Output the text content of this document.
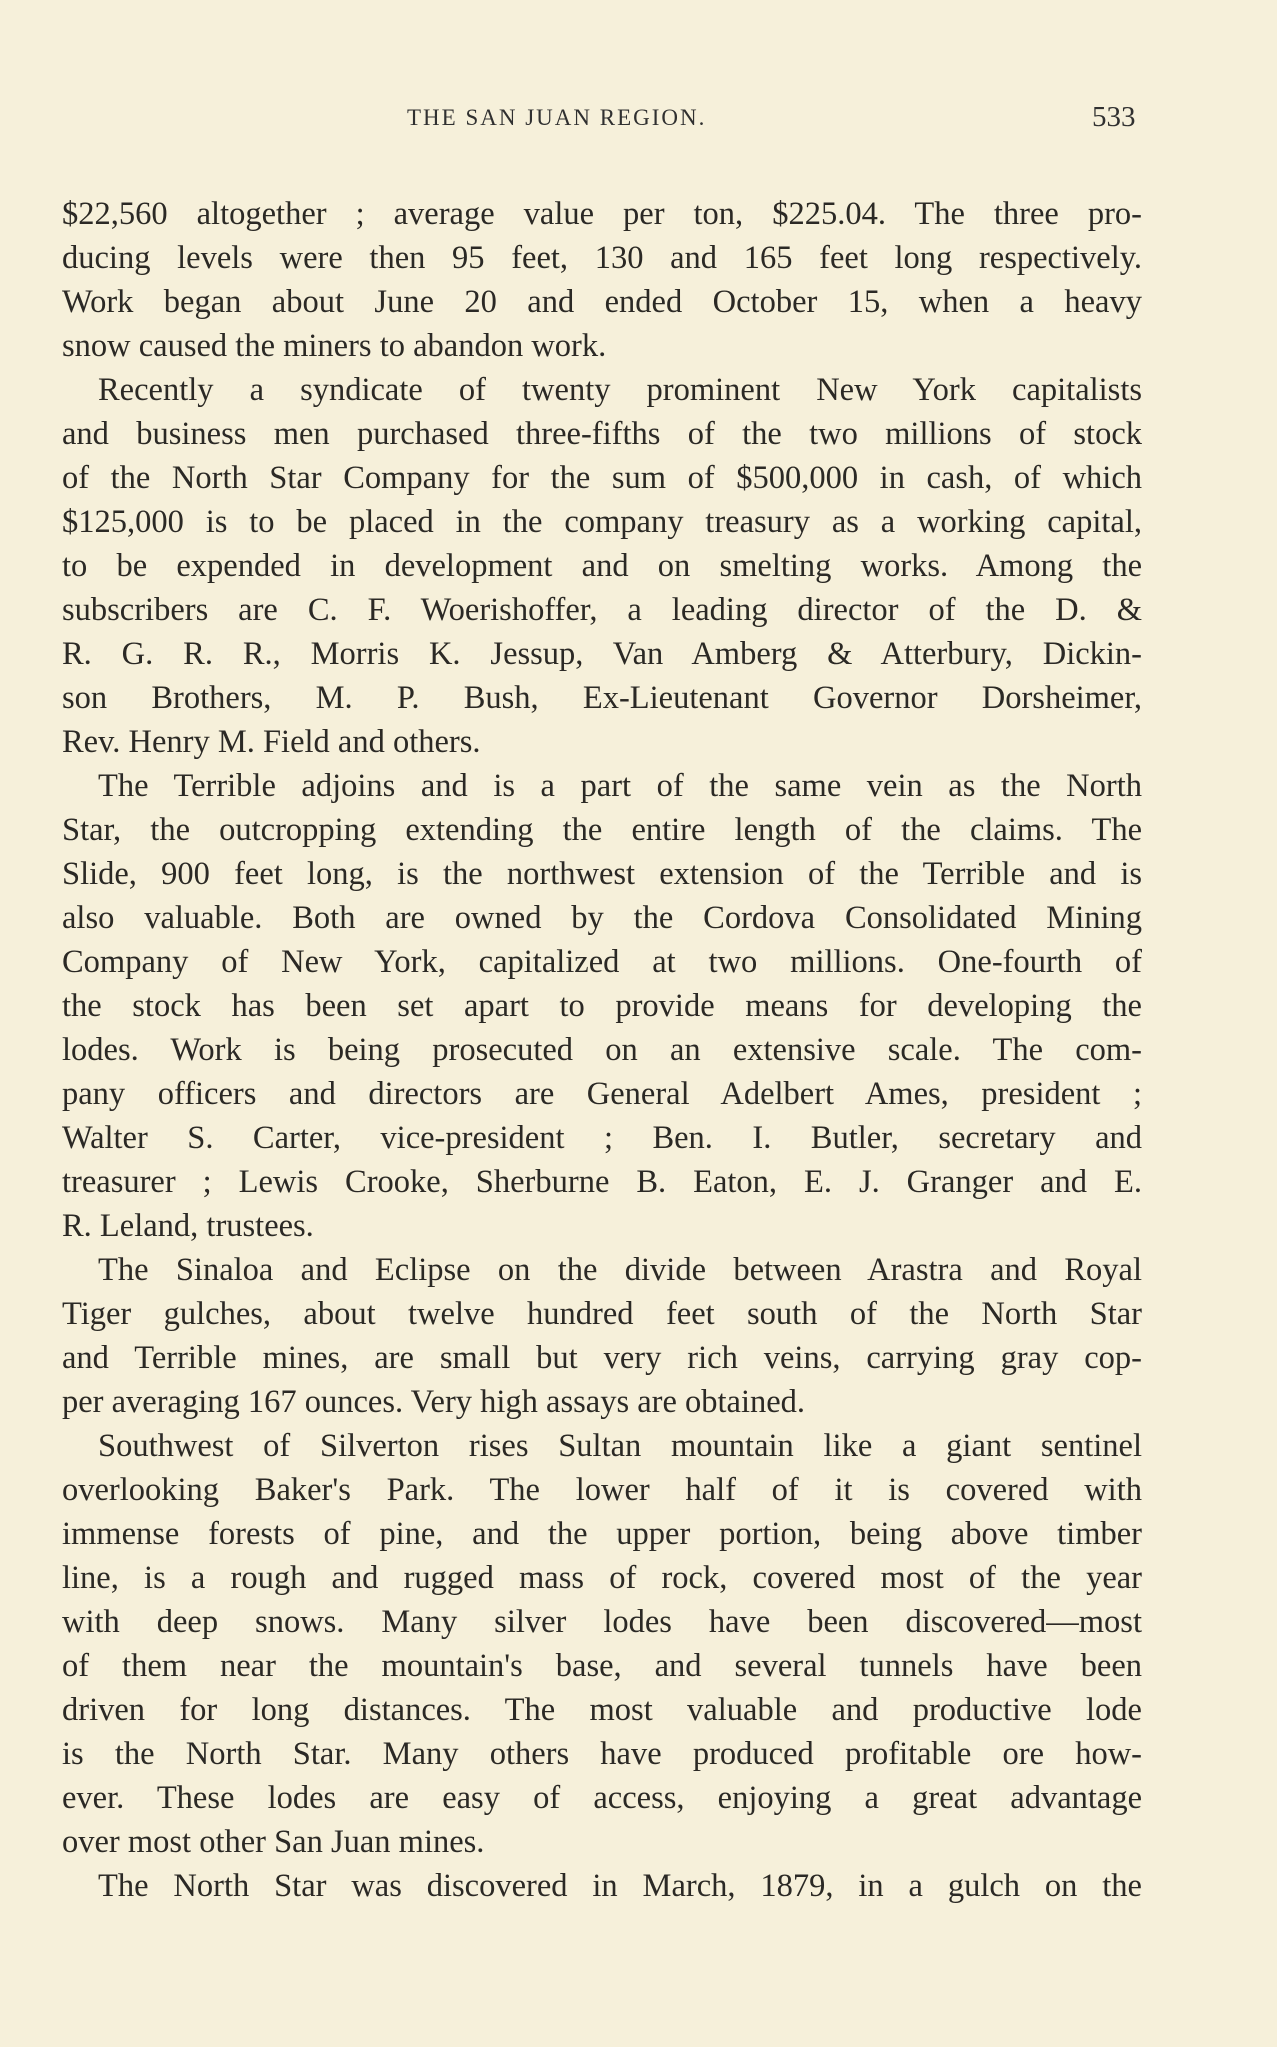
THE SAN JUAN REGION.	533
$22,560 altogether ; average value per ton, $225.04. The three pro-
ducing levels were then 95 feet, 130 and 165 feet long respectively.
Work began about June 20 and ended October 15, when a heavy
snow caused the miners to abandon work.
Recently a syndicate of twenty prominent New York capitalists
and business men purchased three-fifths of the two millions of stock
of the North Star Company for the sum of $500,000 in cash, of which
$125,000 is to be placed in the company treasury as a working capital,
to be expended in development and on smelting works. Among the
subscribers are C. F. Woerishoffer, a leading director of the D. &
R. G. R. R., Morris K. Jessup, Van Amberg & Atterbury, Dickin-
son Brothers, M. P. Bush, Ex-Lieutenant Governor Dorsheimer,
Rev. Henry M. Field and others.
The Terrible adjoins and is a part of the same vein as the North
Star, the outcropping extending the entire length of the claims. The
Slide, 900 feet long, is the northwest extension of the Terrible and is
also valuable. Both are owned by the Cordova Consolidated Mining
Company of New York, capitalized at two millions. One-fourth of
the stock has been set apart to provide means for developing the
lodes. Work is being prosecuted on an extensive scale. The com-
pany officers and directors are General Adelbert Ames, president ;
Walter S. Carter, vice-president ; Ben. I. Butler, secretary and
treasurer ; Lewis Crooke, Sherburne B. Eaton, E. J. Granger and E.
R. Leland, trustees.
The Sinaloa and Eclipse on the divide between Arastra and Royal
Tiger gulches, about twelve hundred feet south of the North Star
and Terrible mines, are small but very rich veins, carrying gray cop-
per averaging 167 ounces. Very high assays are obtained.
Southwest of Silverton rises Sultan mountain like a giant sentinel
overlooking Baker's Park. The lower half of it is covered with
immense forests of pine, and the upper portion, being above timber
line, is a rough and rugged mass of rock, covered most of the year
with deep snows. Many silver lodes have been discovered—most
of them near the mountain's base, and several tunnels have been
driven for long distances. The most valuable and productive lode
is the North Star. Many others have produced profitable ore how-
ever. These lodes are easy of access, enjoying a great advantage
over most other San Juan mines.
The North Star was discovered in March, 1879, in a gulch on the
